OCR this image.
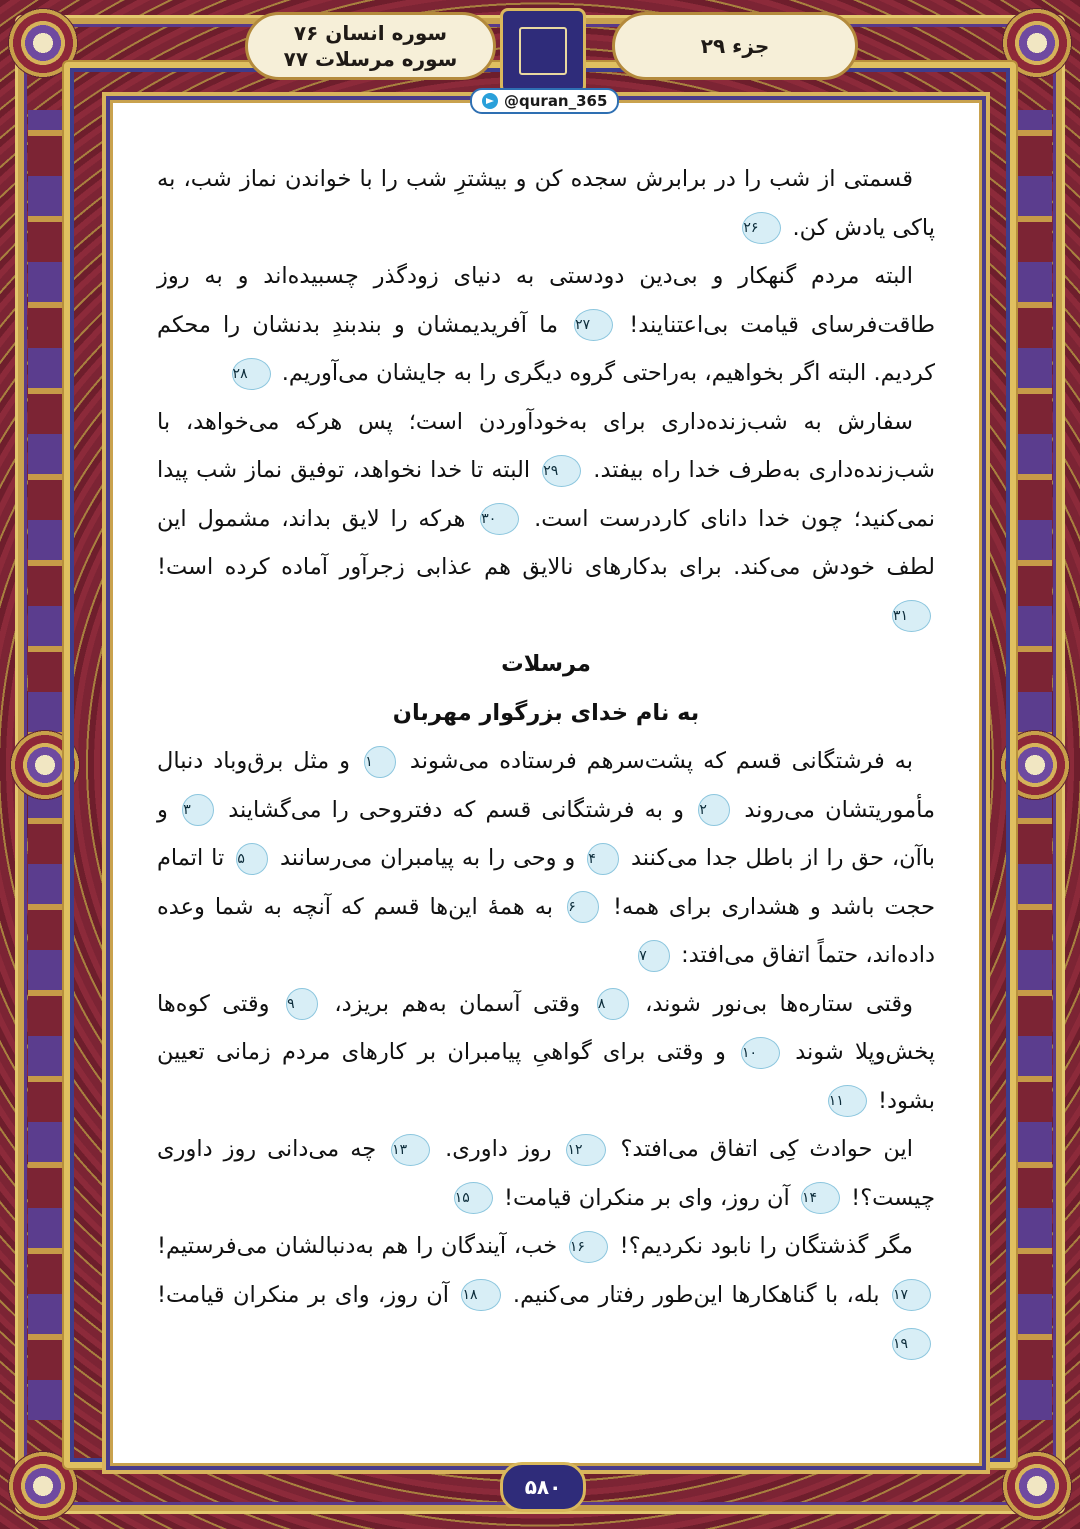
قسمتی از شب را در برابرش سجده کن و بیشترِ شب را با خواندن نماز شب، به پاکی یادش کن. ۲۶

البته مردم گنهکار و بی‌دین دودستی به دنیای زودگذر چسبیده‌اند و به روز طاقت‌فرسای قیامت بی‌اعتنایند! ۲۷ ما آفریدیمشان و بندبندِ بدنشان را محکم کردیم. البته اگر بخواهیم، به‌راحتی گروه دیگری را به جایشان می‌آوریم. ۲۸

سفارش به شب‌زنده‌داری برای به‌خودآوردن است؛ پس هرکه می‌خواهد، با شب‌زنده‌داری به‌طرف خدا راه بیفتد. ۲۹ البته تا خدا نخواهد، توفیق نماز شب پیدا نمی‌کنید؛ چون خدا دانای کاردرست است. ۳۰ هرکه را لایق بداند، مشمول این لطف خودش می‌کند. برای بدکارهای نالایق هم عذابی زجرآور آماده کرده است! ۳۱

مرسلات

به نام خدای بزرگوار مهربان

به فرشتگانی قسم که پشت‌سرهم فرستاده می‌شوند ۱ و مثل برق‌وباد دنبال مأموریتشان می‌روند ۲ و به فرشتگانی قسم که دفتروحی را می‌گشایند ۳ و باآن، حق را از باطل جدا می‌کنند ۴ و وحی را به پیامبران می‌رسانند ۵ تا اتمام حجت باشد و هشداری برای همه! ۶ به همهٔ این‌ها قسم که آنچه به شما وعده داده‌اند، حتماً اتفاق می‌افتد: ۷

وقتی ستاره‌ها بی‌نور شوند، ۸ وقتی آسمان به‌هم بریزد، ۹ وقتی کوه‌ها پخش‌وپلا شوند ۱۰ و وقتی برای گواهیِ پیامبران بر کارهای مردم زمانی تعیین بشود! ۱۱

این حوادث کِی اتفاق می‌افتد؟ ۱۲ روز داوری. ۱۳ چه می‌دانی روز داوری چیست؟! ۱۴ آن روز، وای بر منکران قیامت! ۱۵

مگر گذشتگان را نابود نکردیم؟! ۱۶ خب، آیندگان را هم به‌دنبالشان می‌فرستیم! ۱۷ بله، با گناهکارها این‌طور رفتار می‌کنیم. ۱۸ آن روز، وای بر منکران قیامت! ۱۹

جزء ۲۹
سوره انسان ۷۶
سوره مرسلات ۷۷
@quran_365
۵۸۰
